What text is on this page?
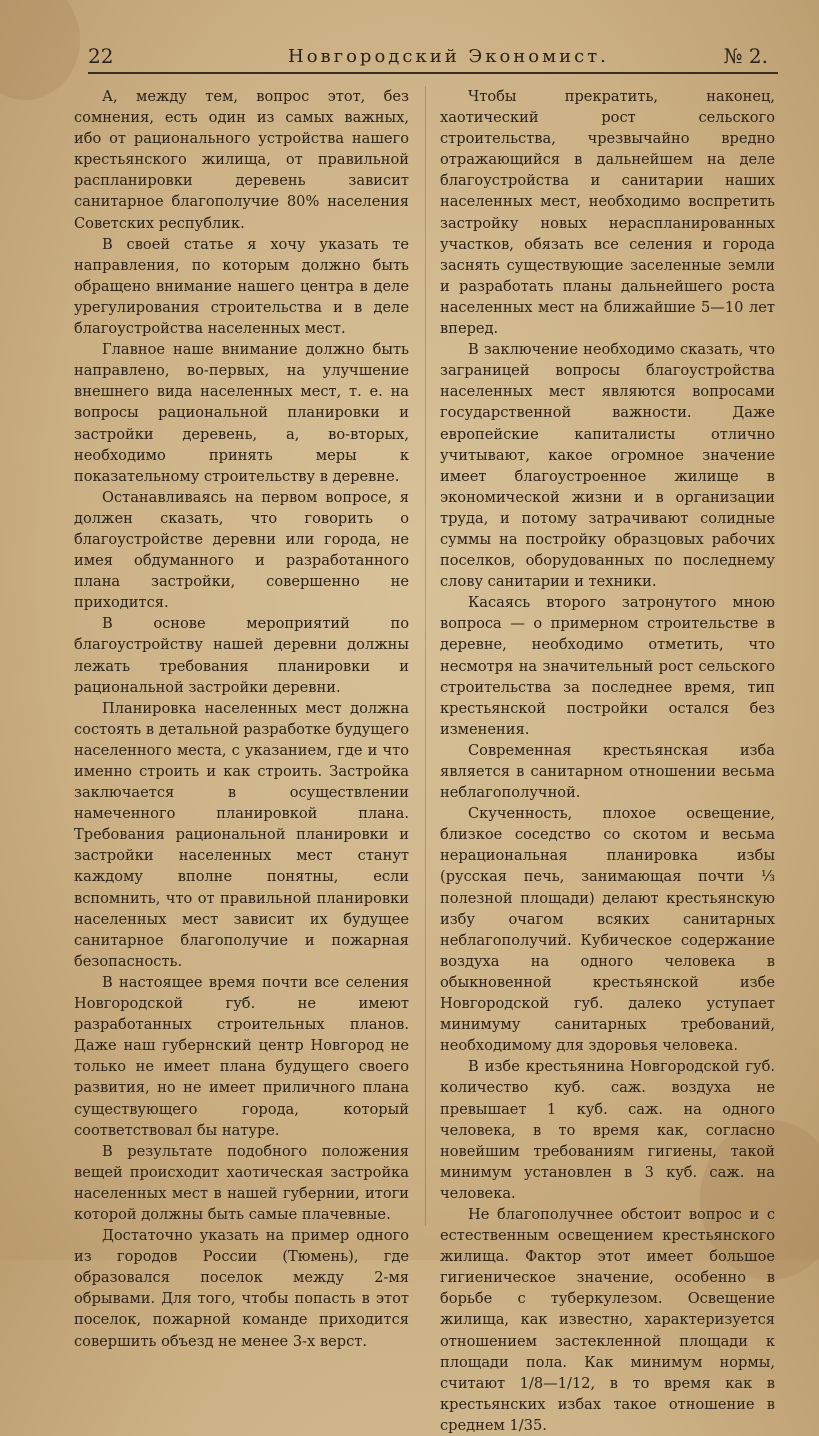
22	Новгородский Экономист.	№ 2.

А, между тем, вопрос этот, без сомнения, есть один из самых важных, ибо от рационального устройства нашего крестьянского жилища, от правильной распланировки деревень зависит санитарное благополучие 80% населения Советских республик.

В своей статье я хочу указать те направления, по которым должно быть обращено внимание нашего центра в деле урегулирования строительства и в деле благоустройства населенных мест.

Главное наше внимание должно быть направлено, во-первых, на улучшение внешнего вида населенных мест, т. е. на вопросы рациональной планировки и застройки деревень, а, во-вторых, необходимо принять меры к показательному строительству в деревне.

Останавливаясь на первом вопросе, я должен сказать, что говорить о благоустройстве деревни или города, не имея обдуманного и разработанного плана застройки, совершенно не приходится.

В основе мероприятий по благоустройству нашей деревни должны лежать требования планировки и рациональной застройки деревни.

Планировка населенных мест должна состоять в детальной разработке будущего населенного места, с указанием, где и что именно строить и как строить. Застройка заключается в осуществлении намеченного планировкой плана. Требования рациональной планировки и застройки населенных мест станут каждому вполне понятны, если вспомнить, что от правильной планировки населенных мест зависит их будущее санитарное благополучие и пожарная безопасность.

В настоящее время почти все селения Новгородской губ. не имеют разработанных строительных планов. Даже наш губернский центр Новгород не только не имеет плана будущего своего развития, но не имеет приличного плана существующего города, который соответствовал бы натуре.

В результате подобного положения вещей происходит хаотическая застройка населенных мест в нашей губернии, итоги которой должны быть самые плачевные.

Достаточно указать на пример одного из городов России (Тюмень), где образовался поселок между 2-мя обрывами. Для того, чтобы попасть в этот поселок, пожарной команде приходится совершить объезд не менее 3-х верст.

Чтобы прекратить, наконец, хаотический рост сельского строительства, чрезвычайно вредно отражающийся в дальнейшем на деле благоустройства и санитарии наших населенных мест, необходимо воспретить застройку новых нераспланированных участков, обязать все селения и города заснять существующие заселенные земли и разработать планы дальнейшего роста населенных мест на ближайшие 5—10 лет вперед.

В заключение необходимо сказать, что заграницей вопросы благоустройства населенных мест являются вопросами государственной важности. Даже европейские капиталисты отлично учитывают, какое огромное значение имеет благоустроенное жилище в экономической жизни и в организации труда, и потому затрачивают солидные суммы на постройку образцовых рабочих поселков, оборудованных по последнему слову санитарии и техники.

Касаясь второго затронутого мною вопроса — о примерном строительстве в деревне, необходимо отметить, что несмотря на значительный рост сельского строительства за последнее время, тип крестьянской постройки остался без изменения.

Современная крестьянская изба является в санитарном отношении весьма неблагополучной.

Скученность, плохое освещение, близкое соседство со скотом и весьма нерациональная планировка избы (русская печь, занимающая почти ⅓ полезной площади) делают крестьянскую избу очагом всяких санитарных неблагополучий. Кубическое содержание воздуха на одного человека в обыкновенной крестьянской избе Новгородской губ. далеко уступает минимуму санитарных требований, необходимому для здоровья человека.

В избе крестьянина Новгородской губ. количество куб. саж. воздуха не превышает 1 куб. саж. на одного человека, в то время как, согласно новейшим требованиям гигиены, такой минимум установлен в 3 куб. саж. на человека.

Не благополучнее обстоит вопрос и с естественным освещением крестьянского жилища. Фактор этот имеет большое гигиеническое значение, особенно в борьбе с туберкулезом. Освещение жилища, как известно, характеризуется отношением застекленной площади к площади пола. Как минимум нормы, считают 1/8—1/12, в то время как в крестьянских избах такое отношение в среднем 1/35.
